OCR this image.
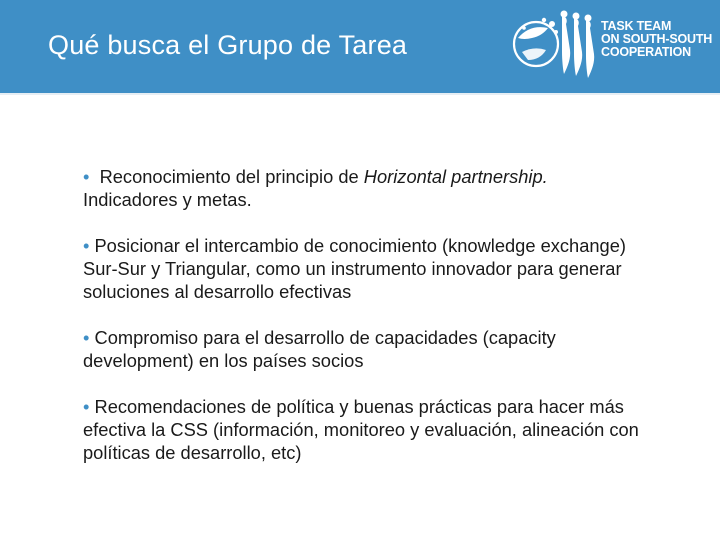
Qué busca el Grupo de Tarea
TASK TEAM
ON SOUTH-SOUTH
COOPERATION
•  Reconocimiento del principio de Horizontal partnership. Indicadores y metas.
• Posicionar el intercambio de conocimiento (knowledge exchange) Sur-Sur y Triangular, como un instrumento innovador para generar soluciones al desarrollo efectivas
• Compromiso para el desarrollo de capacidades (capacity development) en los países socios
• Recomendaciones de política y buenas prácticas para hacer más efectiva la CSS (información, monitoreo y evaluación, alineación con políticas de desarrollo, etc)
